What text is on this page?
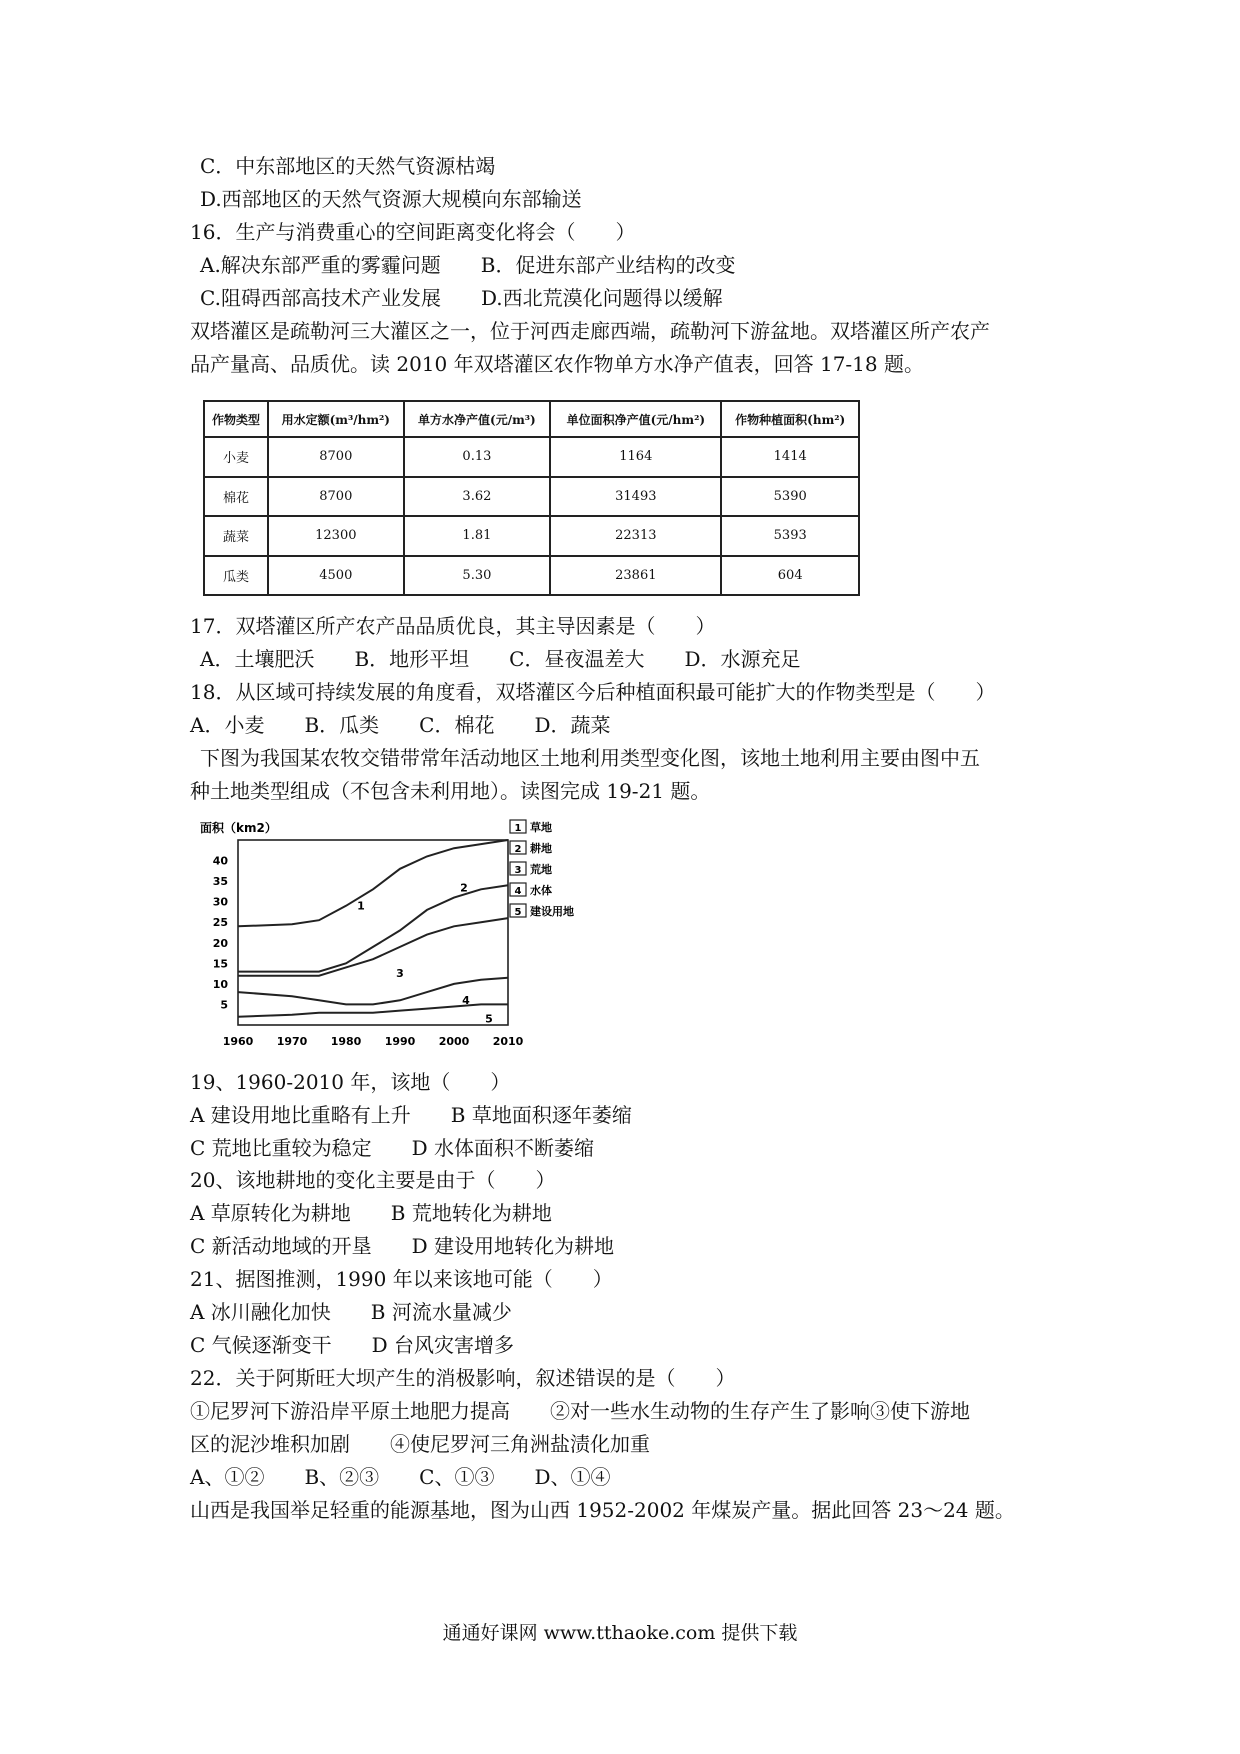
C．中东部地区的天然气资源枯竭
D.西部地区的天然气资源大规模向东部输送
16．生产与消费重心的空间距离变化将会（　　）
A.解决东部严重的雾霾问题　　B．促进东部产业结构的改变
C.阻碍西部高技术产业发展　　D.西北荒漠化问题得以缓解
双塔灌区是疏勒河三大灌区之一，位于河西走廊西端，疏勒河下游盆地。双塔灌区所产农产
品产量高、品质优。读 2010 年双塔灌区农作物单方水净产值表，回答 17-18 题。
作物类型	用水定额(m³/hm²)	单方水净产值(元/m³)	单位面积净产值(元/hm²)	作物种植面积(hm²)
小麦	8700	0.13	1164	1414
棉花	8700	3.62	31493	5390
蔬菜	12300	1.81	22313	5393
瓜类	4500	5.30	23861	604
17．双塔灌区所产农产品品质优良，其主导因素是（　　）
A．土壤肥沃　　B．地形平坦　　C．昼夜温差大　　D．水源充足
18．从区域可持续发展的角度看，双塔灌区今后种植面积最可能扩大的作物类型是（　　）
A．小麦　　B．瓜类　　C．棉花　　D．蔬菜
下图为我国某农牧交错带常年活动地区土地利用类型变化图，该地土地利用主要由图中五
种土地类型组成（不包含未利用地）。读图完成 19-21 题。
面积（km2）
5
10
15
20
25
30
35
40
1960 1970 1980 1990 2000 2010
1
2
3
4
5
1 草地
2 耕地
3 荒地
4 水体
5 建设用地
19、1960-2010 年，该地（　　）
A 建设用地比重略有上升　　B 草地面积逐年萎缩
C 荒地比重较为稳定　　D 水体面积不断萎缩
20、该地耕地的变化主要是由于（　　）
A 草原转化为耕地　　B 荒地转化为耕地
C 新活动地域的开垦　　D 建设用地转化为耕地
21、据图推测，1990 年以来该地可能（　　）
A 冰川融化加快　　B 河流水量减少
C 气候逐渐变干　　D 台风灾害增多
22．关于阿斯旺大坝产生的消极影响，叙述错误的是（　　）
①尼罗河下游沿岸平原土地肥力提高　　②对一些水生动物的生存产生了影响③使下游地
区的泥沙堆积加剧　　④使尼罗河三角洲盐渍化加重
A、①②　　B、②③　　C、①③　　D、①④
山西是我国举足轻重的能源基地，图为山西 1952-2002 年煤炭产量。据此回答 23～24 题。
通通好课网 www.tthaoke.com 提供下载
